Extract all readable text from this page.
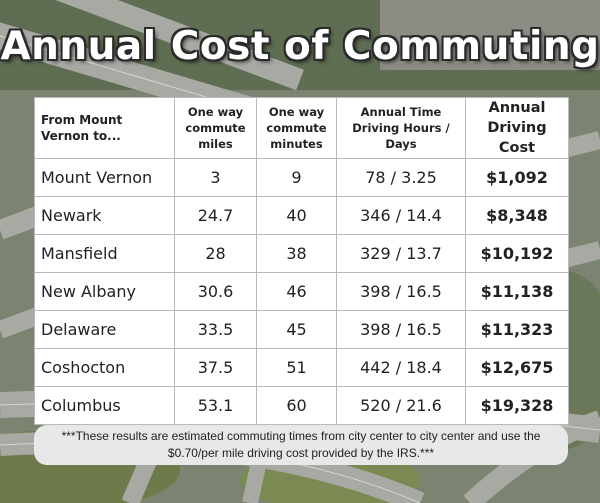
Annual Cost of Commuting
From Mount Vernon to...	One way commute miles	One way commute minutes	Annual Time Driving Hours / Days	Annual Driving Cost
Mount Vernon	3	9	78 / 3.25	$1,092
Newark	24.7	40	346 / 14.4	$8,348
Mansfield	28	38	329 / 13.7	$10,192
New Albany	30.6	46	398 / 16.5	$11,138
Delaware	33.5	45	398 / 16.5	$11,323
Coshocton	37.5	51	442 / 18.4	$12,675
Columbus	53.1	60	520 / 21.6	$19,328
***These results are estimated commuting times from city center to city center and use the $0.70/per mile driving cost provided by the IRS.***
